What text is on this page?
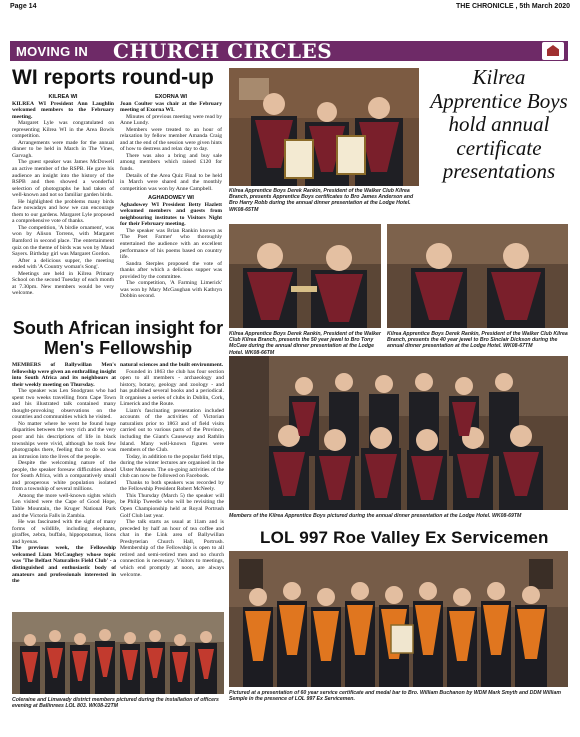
Page 14	THE CHRONICLE , 5th March 2020
MOVING IN CHURCH CIRCLES
WI reports round-up
KILREA WI

KILREA WI President Ann Laughlin welcomed members to the February meeting.

Margaret Lyle was congratulated on representing Kilrea WI in the Area Bowls competition.

Arrangements were made for the annual dinner to be held in March in The Vines, Garvagh.

The guest speaker was James McDowell an active member of the RSPB. He gave his audience an insight into the history of the RSPB and then showed a wonderful selection of photographs he had taken of well-known and not so familiar garden birds.

He highlighted the problems many birds face nowadays and how we can encourage them to our gardens. Margaret Lyle proposed a comprehensive vote of thanks.

The competition, 'A birdie ornament', was won by Alison Torrens, with Margaret Bamford in second place. The entertainment quiz on the theme of birds was won by Maud Sayers. Birthday girl was Margaret Gordon.

After a delicious supper, the meeting ended with 'A Country woman's Song'.

Meetings are held in Kilrea Primary School on the second Tuesday of each month at 7.30pm. New members would be very welcome.

EXORNA WI

Joan Coulter was chair at the February meeting of Exorna WI.

Minutes of previous meeting were read by Anne Lundy.

Members were treated to an hour of relaxation by fellow member Amanda Craig and at the end of the session were given hints of how to destress and relax day to day.

There was also a bring and buy sale among members which raised £120 for funds.

Details of the Area Quiz Final to be held in March were shared and the monthly competition was won by Anne Campbell.

AGHADOWEY WI

Aghadowey WI President Betty Hazlett welcomed members and guests from neighbouring institutes to Visitors Night for their February meeting.

The speaker was Brian Rankin known as 'The Poet Farmer' who thoroughly entertained the audience with an excellent performance of his poems based on country life.

Sandra Sterples proposed the vote of thanks after which a delicious supper was provided by the committee.

The competition, 'A Farming Limerick' was won by Mary McGaughan with Kathryn Dobbin second.

South African insight for Men's Fellowship

MEMBERS of Ballywillan Men's fellowship were given an enthralling insight into South Africa and its neighbours at their weekly meeting on Thursday.

The speaker was Len Snodgrass who had spent two weeks travelling from Cape Town and his illustrated talk contained many thought-provoking observations on the countries and communities which he visited.

No matter where he went he found huge disparities between the very rich and the very poor and his descriptions of life in black townships were vivid, although he took few photographs there, feeling that to do so was an intrusion into the lives of the people.

Despite the welcoming nature of the people, the speaker foresaw difficulties ahead for South Africa, with a comparatively small and prosperous white population isolated from a township of several millions.

Among the more well-known sights which Len visited were the Cape of Good Hope, Table Mountain, the Kruger National Park and the Victoria Falls in Zambia.

He was fascinated with the sight of many forms of wildlife, including elephants, giraffes, zebra, buffalo, hippopotamus, lions and hyenas.

The previous week, the Fellowship welcomed Liam McCaughey whose topic was 'The Belfast Naturalists Field Club' - a distinguished and enthusiastic body of amateurs and professionals interested in the

natural sciences and the built environment.

Founded in 1863 the club has four section open to all members - archaeology and history, botany, geology and zoology - and has published several books and a periodical. It organises a series of clubs in Dublin, Cork, Limerick and the Route.

Liam's fascinating presentation included accounts of the activities of Victorian naturalists prior to 1863 and of field visits carried out to various parts of the Province, including the Giant's Causeway and Rathlin Island. Many well-known figures were members of the Club.

Today, in addition to the popular field trips, during the winter lectures are organised in the Ulster Museum. The on-going activities of the club can now be followed on Facebook.

Thanks to both speakers was recorded by the Fellowship President Robert McNeely.

This Thursday (March 5) the speaker will be Philip Tweedie who will be revisiting the Open Championship held at Royal Portrush Golf Club last year.

The talk starts as usual at 11am and is preceded by half an hour of tea coffee and chat in the Link area of Ballywillan Presbyterian Church Hall, Portrush. Membership of the Fellowship is open to all retired and semi-retired men and no church connection is necessary. Visitors to meetings, which end promptly at noon, are always welcome.

Coleraine and Limavady district members pictured during the installation of officers evening at Ballinrees LOL 803. WK08-22TM
Kilrea Apprentice Boys Derek Rankin, President of the Walker Club Kilrea Branch, presents Apprentice Boys certificates to Bro James Anderson and Bro Harry Robb during the annual dinner presentation at the Lodge Hotel. WK08-65TM
Kilrea Apprentice Boys hold annual certificate presentations
Kilrea Apprentice Boys Derek Rankin, President of the Walker Club Kilrea Branch, presents the 50 year jewel to Bro Tony McCaw during the annual dinner presentation at the Lodge Hotel. WK08-66TM
Kilrea Apprentice Boys Derek Rankin, President of the Walker Club Kilrea Branch, presents the 40 year jewel to Bro Sinclair Dickson during the annual dinner presentation at the Lodge Hotel. WK08-67TM
Members of the Kilrea Apprentice Boys pictured during the annual dinner presentation at the Lodge Hotel. WK08-69TM
LOL 997 Roe Valley Ex Servicemen
Pictured at a presentation of 60 year service certificate and medal bar to Bro. William Buchanon by WDM Mark Smyth and DDM William Semple in the presence of LOL 997 Ex Servicemen.
